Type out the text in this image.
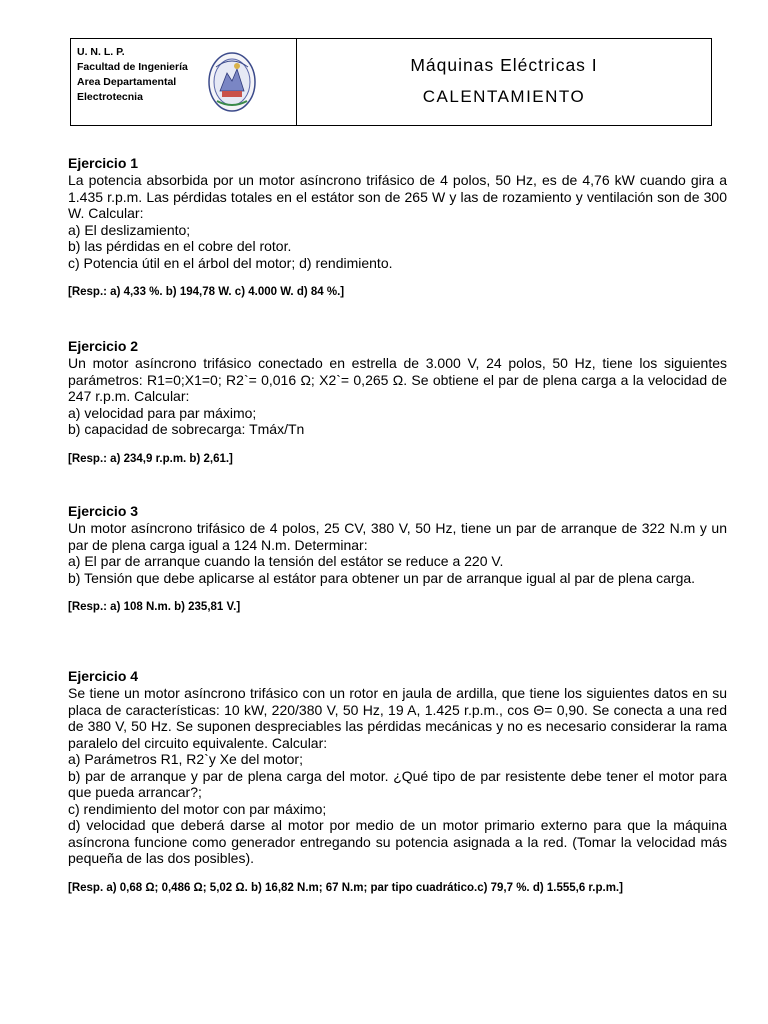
U. N. L. P.
Facultad de Ingeniería
Area Departamental
Electrotecnia
Máquinas Eléctricas I
CALENTAMIENTO
Ejercicio 1

La potencia absorbida por un motor asíncrono trifásico de 4 polos, 50 Hz, es de 4,76 kW cuando gira a 1.435 r.p.m. Las pérdidas totales en el estátor son de 265 W y las de rozamiento y ventilación son de 300 W. Calcular:

a) El deslizamiento;

b) las pérdidas en el cobre del rotor.

c) Potencia útil en el árbol del motor; d) rendimiento.

[Resp.: a) 4,33 %. b) 194,78 W. c) 4.000 W. d) 84 %.]
Ejercicio 2

Un motor asíncrono trifásico conectado en estrella de 3.000 V, 24 polos, 50 Hz, tiene los siguientes parámetros: R1=0;X1=0; R2`= 0,016 Ω; X2`= 0,265 Ω. Se obtiene el par de plena carga a la velocidad de 247 r.p.m. Calcular:

a) velocidad para par máximo;

b) capacidad de sobrecarga: Tmáx/Tn

[Resp.: a) 234,9 r.p.m. b) 2,61.]
Ejercicio 3

Un motor asíncrono trifásico de 4 polos, 25 CV, 380 V, 50 Hz, tiene un par de arranque de 322 N.m y un par de plena carga igual a 124 N.m. Determinar:

a) El par de arranque cuando la tensión del estátor se reduce a 220 V.

b) Tensión que debe aplicarse al estátor para obtener un par de arranque igual al par de plena carga.

[Resp.: a) 108 N.m. b) 235,81 V.]
Ejercicio 4

Se tiene un motor asíncrono trifásico con un rotor en jaula de ardilla, que tiene los siguientes datos en su placa de características: 10 kW, 220/380 V, 50 Hz, 19 A, 1.425 r.p.m., cos Θ= 0,90. Se conecta a una red de 380 V, 50 Hz. Se suponen despreciables las pérdidas mecánicas y no es necesario considerar la rama paralelo del circuito equivalente. Calcular:

a) Parámetros R1, R2`y Xe del motor;

b) par de arranque y par de plena carga del motor. ¿Qué tipo de par resistente debe tener el motor para que pueda arrancar?;

c) rendimiento del motor con par máximo;

d) velocidad que deberá darse al motor por medio de un motor primario externo para que la máquina asíncrona funcione como generador entregando su potencia asignada a la red. (Tomar la velocidad más pequeña de las dos posibles).

[Resp. a) 0,68 Ω; 0,486 Ω; 5,02 Ω. b) 16,82 N.m; 67 N.m; par tipo cuadrático.c) 79,7 %. d) 1.555,6 r.p.m.]
